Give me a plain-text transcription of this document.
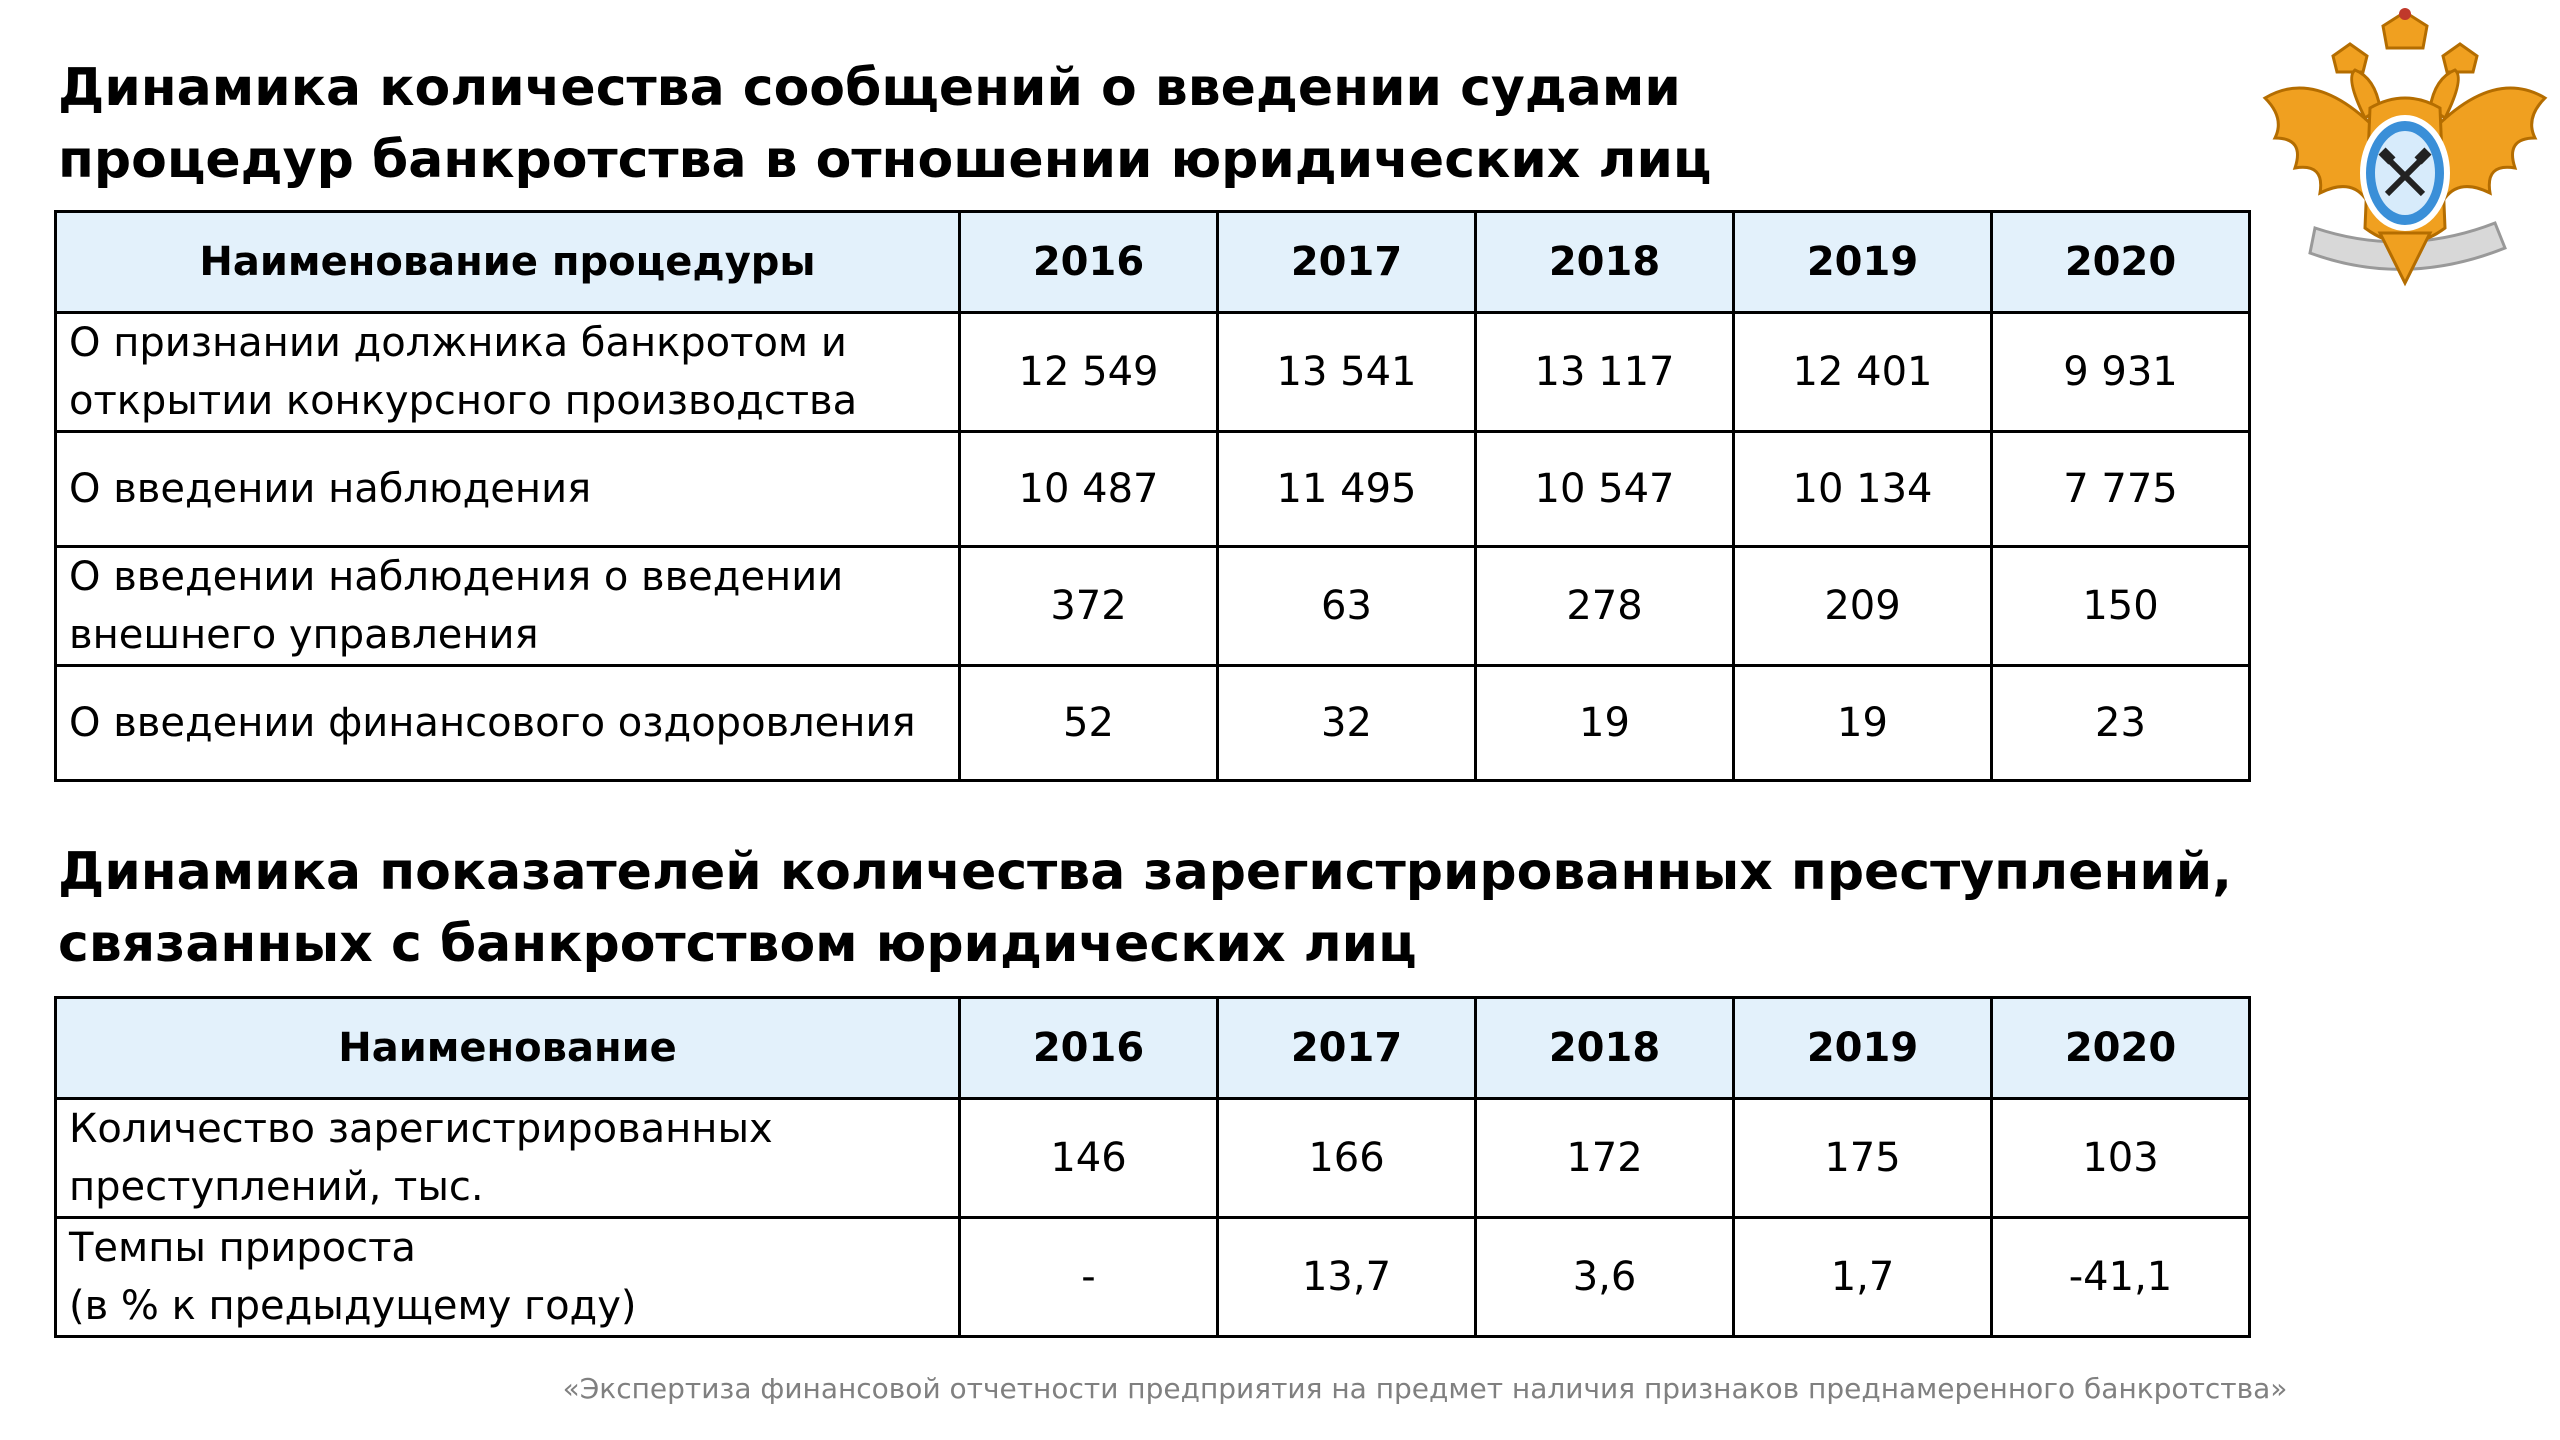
Динамика количества сообщений о введении судами
процедур банкротства в отношении юридических лиц
Наименование процедуры	2016	2017	2018	2019	2020

О признании должника банкротом и
открытии конкурсного производства	12 549	13 541	13 117	12 401	9 931

О введении наблюдения	10 487	11 495	10 547	10 134	7 775

О введении наблюдения о введении
внешнего управления	372	63	278	209	150

О введении финансового оздоровления	52	32	19	19	23
Динамика показателей количества зарегистрированных преступлений,
связанных с банкротством юридических лиц
Наименование	2016	2017	2018	2019	2020

Количество зарегистрированных
преступлений, тыс.	146	166	172	175	103

Темпы прироста
(в % к предыдущему году)	-	13,7	3,6	1,7	-41,1
«Экспертиза финансовой отчетности предприятия на предмет наличия признаков преднамеренного банкротства»
